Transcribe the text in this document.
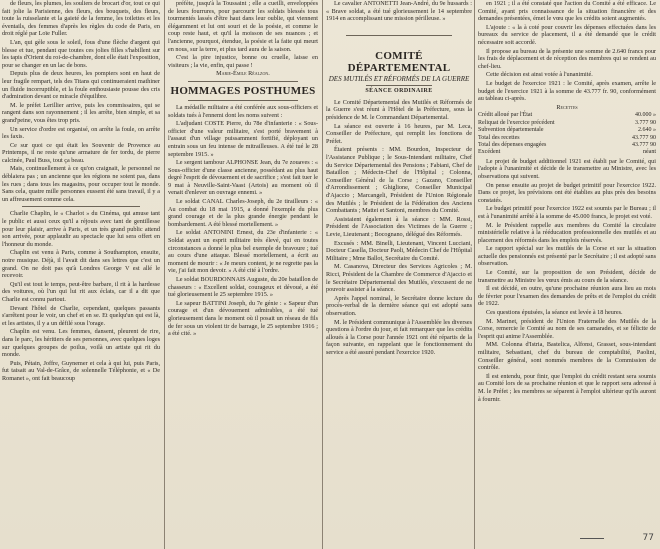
de fleurs, les plumes, les souliers de brocart d'or, tout ce qui fait jolie la Parisienne, des fleurs, des bouquets, des fleurs, toute la ruisselante et la gaieté de la femme, les toilettes et les éventails, des femmes d'après les règles du code de Paris, en droit réglé par Loïe Fuller.

L'an, qui gèle sous le soleil, fous d'une flèche d'argent qui blesse et tue, pendant que toutes ces jolies filles s'habillent sur les tapis d'Orient du roi-de-chambre, dont elle était l'exposition, pour se changer en un lac de bons.

Depuis plus de deux heures, les pompiers sont en haut de leur fragile rempart, tels des Titans qui continueraient mathiner un fluide incorruptible, et la foule enthousiaste pousse des cris d'admiration devant ce miracle d'équilibre.

M. le préfet Lerillier arrive, puis les commissaires, qui se rangent dans son rayonnement ; il les arrête, bien simple, et sa grand'peine, vous êtes trop pris.

Un service d'ordre est organisé, on arrête la foule, on arrête les faxis.

Ce sur quoi ce qui était les Souvenir de Provence au Printemps, il ne reste qu'une armature de fer tordu, de pierre calcinée, Paul Buss, tout ça beau.

Mais, continuellement à ce qu'on craignait, le personnel ne déblaiera pas ; un ancienne que les régions ne soient pas, dans les rues ; dans tous les magasins, pour occuper tout le monde. Sans cela, quatre mille personnes eussent été sans travail, il y a un affreusement comme cela.

Charlie Chaplin, le « Charlot » du Cinéma, qui amuse tant le public et aussi ceux qu'il a réjouis avec tant de gentillesse pour leur plaisir, arrive à Paris, et un très grand public attend son arrivée, pour applaudir au spectacle que lui sera offert en l'honneur du monde.

Chaplin est venu à Paris, comme à Southampton, ensuite, notre musique. Déjà, il l'avait dit dans ses lettres que c'est un grand. On ne doit pas qu'à Londres George V est allé le recevoir.

Qu'il est tout le temps, peut-être barbare, il rit à la hardesse des voitures, où l'un qui lui rit aux éclats, car il a dit que Charlie est connu partout.

Devant l'hôtel de Charlie, cependant, quelques passants s'arrêtent pour le voir, un chef et en se. Et quelqu'un qui est là, et les artistes, il y a un défilé sous l'orage.

Chaplin est venu. Les femmes, dansent, pleurent de rire, dans le parc, les héritiers de ses personnes, avec quelques loges sur quelques groupes de poilus, voilà un artiste qui rit du monde.

Puis, Pétain, Joffre, Guynemer et cela à qui lui, puis Paris, fut taisait au Val-de-Grâce, de solennelle Téléphonie, et « De Romanet », ont fait beaucoup

préfète, jusqu'à la Toussaint ; elle a cueilli, enveloppées de leurs fourrures, pour parcourir les soldats blessés tous tourmentés lassés d'être haut dans leur oublie, qui viennent élégamment et lui ont souri et de la poésie, et comme le coup reste haut, et qu'il la moisson de ses nuances ; et l'ancienne, pourquoi, étendue, la poésie et la faite qui meurt en nous, sur la terre, et plus tard aura de la saison.

C'est la pire injustice, bonne ou cruelle, laisse en visiteurs ; la vie, enfin, qui passe !

Marie-Émile Réalzon.

HOMMAGES POSTHUMES

La médaille militaire a été conférée aux sous-officiers et soldats tués à l'ennemi dont les noms suivent :

L'adjudant COSTE Pierre, du 78e d'infanterie : « Sous-officier d'une valeur militaire, s'est porté bravement à l'assaut d'un village puissamment fortifié, déployant un entrain sous un feu intense de mitrailleuses. A été tué le 28 septembre 1915. »

Le sergent tambour ALPHONSE Jean, du 7e zouaves : « Sous-officier d'une classe ancienne, possédant au plus haut degré l'esprit de dévouement et de sacrifice ; s'est fait tuer le 9 mai à Neuville-Saint-Vaast (Artois) au moment où il venait d'enlever un ouvrage ennemi. »

Le soldat CANAL Charles-Joseph, du 2e tirailleurs : « Au combat du 18 mai 1915, a donné l'exemple du plus grand courage et de la plus grande énergie pendant le bombardement. A été blessé mortellement. »

Le soldat ANTONINI Ernest, du 23e d'infanterie : « Soldat ayant un esprit militaire très élevé, qui en toutes circonstances a donné le plus bel exemple de bravoure ; tué au cours d'une attaque. Blessé mortellement, a écrit au moment de mourir : « Je meurs content, je ne regrette pas la vie, j'ai fait mon devoir. » A été cité à l'ordre.

Le soldat BOURDONNAIS Auguste, du 20e bataillon de chasseurs : « Excellent soldat, courageux et dévoué, a été tué glorieusement le 25 septembre 1915. »

Le sapeur BATTINI Joseph, du 7e génie : « Sapeur d'un courage et d'un dévouement admirables, a été tué glorieusement dans le moment où il posait un réseau de fils de fer sous un violent tir de barrage, le 25 septembre 1916 ; a été cité. »

Le cavalier ANTONETTI Jean-André, du 9e hussards : « Brave soldat, a été tué glorieusement le 14 septembre 1914 en accomplissant une mission périlleuse. »

COMITÉ DÉPARTEMENTAL

DES MUTILÉS ET RÉFORMÉS DE LA GUERRE

SÉANCE ORDINAIRE

Le Comité Départemental des Mutilés et Réformés de la Guerre s'est réuni à l'Hôtel de la Préfecture, sous la présidence de M. le Commandant Départemental.

La séance est ouverte à 16 heures, par M. Leca, Conseiller de Préfecture, qui remplit les fonctions de Préfet.

Étaient présents : MM. Bourdon, Inspecteur de l'Assistance Publique ; le Sous-Intendant militaire, Chef du Service Départemental des Pensions ; Fabiani, Chef de Bataillon ; Médecin-Chef de l'Hôpital ; Colonna, Conseiller Général de la Corse ; Gazano, Conseiller d'Arrondissement ; Ghiglione, Conseiller Municipal d'Ajaccio ; Marcangeli, Président de l'Union Régionale des Mutilés ; le Président de la Fédération des Anciens Combattants ; Mattei et Santoni, membres du Comité.

Assistaient également à la séance : MM. Rossi, Président de l'Association des Victimes de la Guerre ; Levie, Lieutenant ; Bocognano, délégué des Réformés.

Excusés : MM. Binelli, Lieutenant, Vincent Lucciani, Docteur Casella, Docteur Paoli, Médecin Chef de l'Hôpital Militaire ; Mme Ballot, Secrétaire du Comité.

M. Casanova, Directeur des Services Agricoles ; M. Ricci, Président de la Chambre de Commerce d'Ajaccio et le Secrétaire Départemental des Mutilés, s'excusent de ne pouvoir assister à la séance.

Après l'appel nominal, le Secrétaire donne lecture du procès-verbal de la dernière séance qui est adopté sans observation.

M. le Président communique à l'Assemblée les diverses questions à l'ordre du jour, et fait remarquer que les crédits alloués à la Corse pour l'année 1921 ont été répartis de la façon suivante, en rappelant que le fonctionnement du service a été assuré pendant l'exercice 1920.

en 1921 ; il a été constaté que l'action du Comité a été efficace. Le Comité, ayant pris connaissance de la situation financière et des demandes présentées, émet le vœu que les crédits soient augmentés.

L'ajoute : « la à coté pour couvrir les dépenses effectuées dans les bureaux du service de placement, il a été demandé que le crédit nécessaire soit accordé.

Il propose au bureau de la présente une somme de 2.640 francs pour les frais de déplacement et de réception des membres qui se rendent au chef-lieu.

Cette décision est ainsi votée à l'unanimité.

Le budget de l'exercice 1921 : le Comité, après examen, arrête le budget de l'exercice 1921 à la somme de 43.777 fr. 90, conformément au tableau ci-après.

Recettes

Crédit alloué par l'État	40.000 »
Reliquat de l'exercice précédent	3.777 90
Subvention départementale	2.640 »
Total des recettes	43.777 90
Total des dépenses engagées	43.777 90
Excédent	néant

Le projet de budget additionnel 1921 est établi par le Comité, qui l'adopte à l'unanimité et décide de le transmettre au Ministre, avec les observations qui suivent.

On pense ensuite au projet de budget primitif pour l'exercice 1922. Dans ce projet, les prévisions ont été établies au plus près des besoins constatés.

Le budget primitif pour l'exercice 1922 est soumis par le Bureau ; il est à l'unanimité arrêté à la somme de 45.000 francs, le projet est voté.

M. le Président rappelle aux membres du Comité la circulaire ministérielle relative à la rééducation professionnelle des mutilés et au placement des réformés dans les emplois réservés.

Le rapport spécial sur les mutilés de la Corse et sur la situation actuelle des pensionnés est présenté par le Secrétaire ; il est adopté sans observation.

Le Comité, sur la proposition de son Président, décide de transmettre au Ministre les vœux émis au cours de la séance.

Il est décidé, en outre, qu'une prochaine réunion aura lieu au mois de février pour l'examen des demandes de prêts et de l'emploi du crédit de 1922.

Ces questions épuisées, la séance est levée à 18 heures.

M. Marinet, président de l'Union Fraternelle des Mutilés de la Corse, remercie le Comité au nom de ses camarades, et se félicite de l'esprit qui anime l'Assemblée.

MM. Colonna d'Istria, Bastelica, Alfonsi, Grasset, sous-intendant militaire, Sebastiani, chef du bureau de comptabilité, Paolini, Conseiller général, sont nommés membres de la Commission de contrôle.

Il est entendu, pour finir, que l'emploi du crédit restant sera soumis au Comité lors de sa prochaine réunion et que le rapport sera adressé à M. le Préfet ; les membres se séparent à l'emploi ultérieur qu'ils auront à fournir.

77
